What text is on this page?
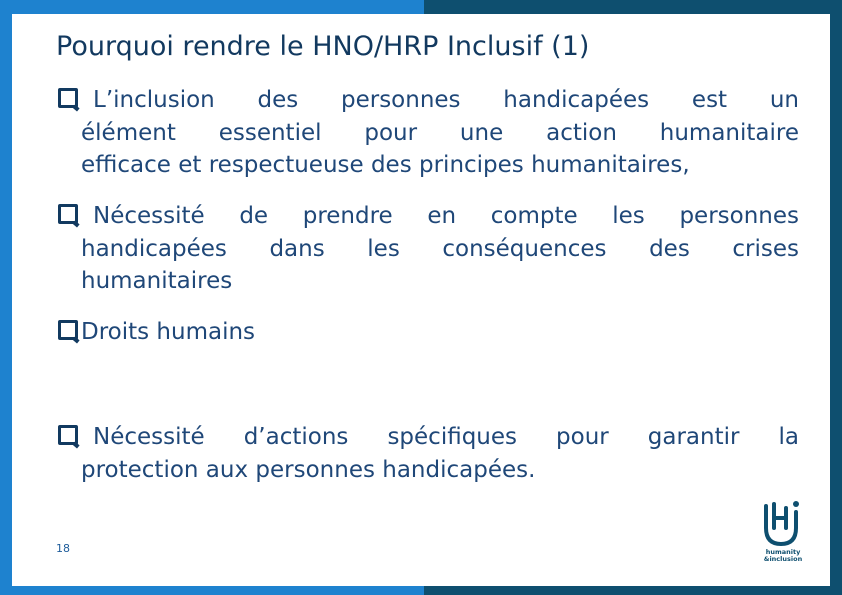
Pourquoi rendre le HNO/HRP Inclusif (1)
L’inclusion des personnes handicapées est un
élément essentiel pour une action humanitaire
efficace et respectueuse des principes humanitaires,
Nécessité de prendre en compte les personnes
handicapées dans les conséquences des crises
humanitaires
Droits humains
Nécessité d’actions spécifiques pour garantir la
protection aux personnes handicapées.
18	humanity
&inclusion
